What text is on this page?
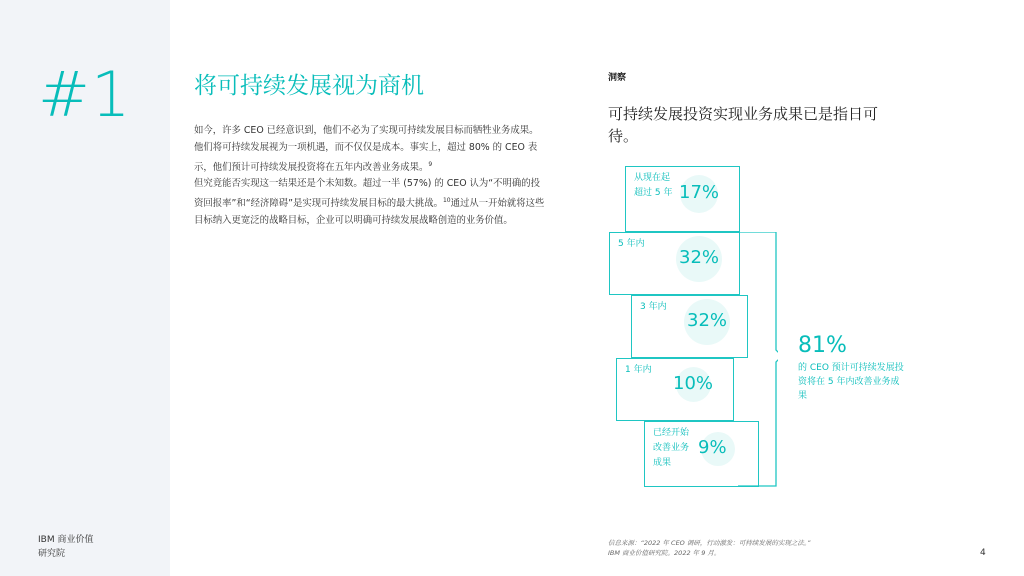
#1
IBM 商业价值
研究院
将可持续发展视为商机

如今，许多 CEO 已经意识到，他们不必为了实现可持续发展目标而牺牲业务成果。他们将可持续发展视为一项机遇，而不仅仅是成本。事实上，超过 80% 的 CEO 表示，他们预计可持续发展投资将在五年内改善业务成果。$^9$

但究竟能否实现这一结果还是个未知数。超过一半 (57%) 的 CEO 认为“不明确的投资回报率”和“经济障碍”是实现可持续发展目标的最大挑战。$^{10}$通过从一开始就将这些目标纳入更宽泛的战略目标，企业可以明确可持续发展战略创造的业务价值。

洞察
可持续发展投资实现业务成果已是指日可待。
从现在起
超过 5 年 17%
5 年内
32%
3 年内
32%
1 年内
10%
已经开始
改善业务
成果
9%
81%
的 CEO 预计可持续发展投资将在 5 年内改善业务成果
信息来源：“2022 年 CEO 调研，行动激发：可持续发展的实现之法。”
IBM 商业价值研究院。2022 年 9 月。	4
